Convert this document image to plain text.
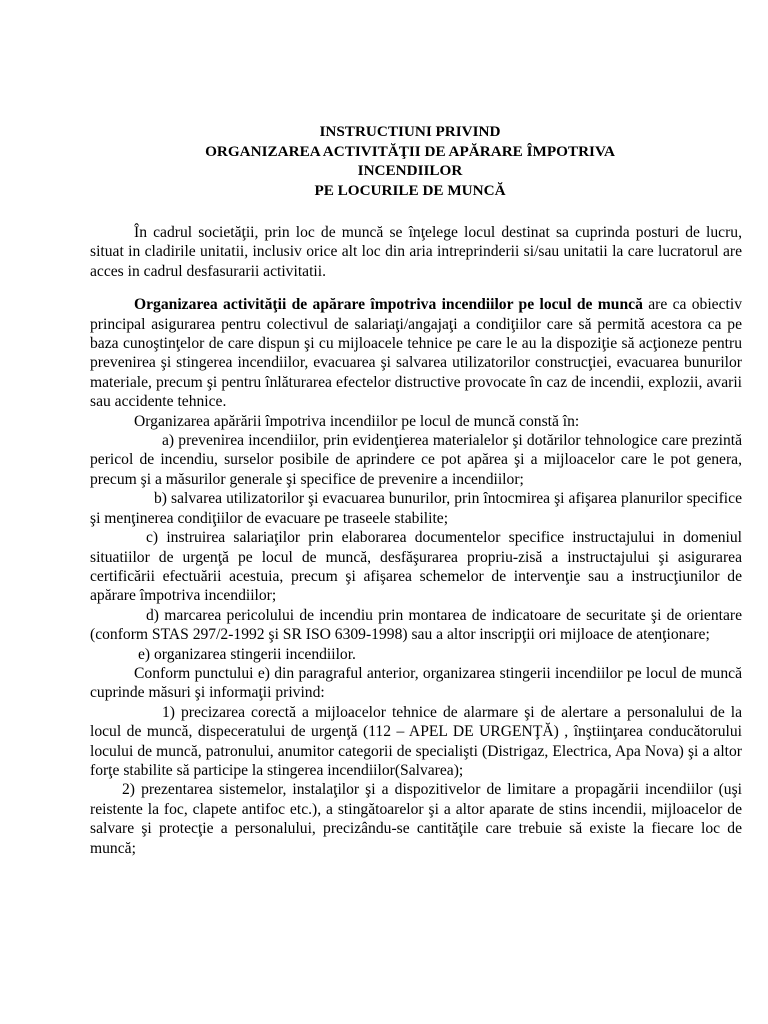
INSTRUCTIUNI PRIVIND
ORGANIZAREA ACTIVITĂŢII DE APĂRARE ÎMPOTRIVA
INCENDIILOR
PE LOCURILE DE MUNCĂ

În cadrul societăţii, prin loc de muncă se înţelege locul destinat sa cuprinda posturi de lucru, situat in cladirile unitatii, inclusiv orice alt loc din aria intreprinderii si/sau unitatii la care lucratorul are acces in cadrul desfasurarii activitatii.

Organizarea activităţii de apărare împotriva incendiilor pe locul de muncă are ca obiectiv principal asigurarea pentru colectivul de salariaţi/angajaţi a condiţiilor care să permită acestora ca pe baza cunoştinţelor de care dispun şi cu mijloacele tehnice pe care le au la dispoziţie să acţioneze pentru prevenirea şi stingerea incendiilor, evacuarea şi salvarea utilizatorilor construcţiei, evacuarea bunurilor materiale, precum şi pentru înlăturarea efectelor distructive provocate în caz de incendii, explozii, avarii sau accidente tehnice.

Organizarea apărării împotriva incendiilor pe locul de muncă constă în:

a) prevenirea incendiilor, prin evidenţierea materialelor şi dotărilor tehnologice care prezintă pericol de incendiu, surselor posibile de aprindere ce pot apărea şi a mijloacelor care le pot genera, precum şi a măsurilor generale şi specifice de prevenire a incendiilor;

b) salvarea utilizatorilor şi evacuarea bunurilor, prin întocmirea şi afişarea planurilor specifice şi menţinerea condiţiilor de evacuare pe traseele stabilite;

c) instruirea salariaţilor prin elaborarea documentelor specifice instructajului in domeniul situatiilor de urgenţă pe locul de muncă, desfăşurarea propriu-zisă a instructajului şi asigurarea certificării efectuării acestuia, precum şi afişarea schemelor de intervenţie sau a instrucţiunilor de apărare împotriva incendiilor;

d) marcarea pericolului de incendiu prin montarea de indicatoare de securitate şi de orientare (conform STAS 297/2-1992 şi SR ISO 6309-1998) sau a altor inscripţii ori mijloace de atenţionare;

e) organizarea stingerii incendiilor.

Conform punctului e) din paragraful anterior, organizarea stingerii incendiilor pe locul de muncă cuprinde măsuri şi informaţii privind:

1) precizarea corectă a mijloacelor tehnice de alarmare şi de alertare a personalului de la locul de muncă, dispeceratului de urgenţă (112 – APEL DE URGENŢĂ) , înştiinţarea conducătorului locului de muncă, patronului, anumitor categorii de specialişti (Distrigaz, Electrica, Apa Nova) şi a altor forţe stabilite să participe la stingerea incendiilor(Salvarea);

2) prezentarea sistemelor, instalaţilor şi a dispozitivelor de limitare a propagării incendiilor (uşi reistente la foc, clapete antifoc etc.), a stingătoarelor şi a altor aparate de stins incendii, mijloacelor de salvare şi protecţie a personalului, precizându-se cantităţile care trebuie să existe la fiecare loc de muncă;
